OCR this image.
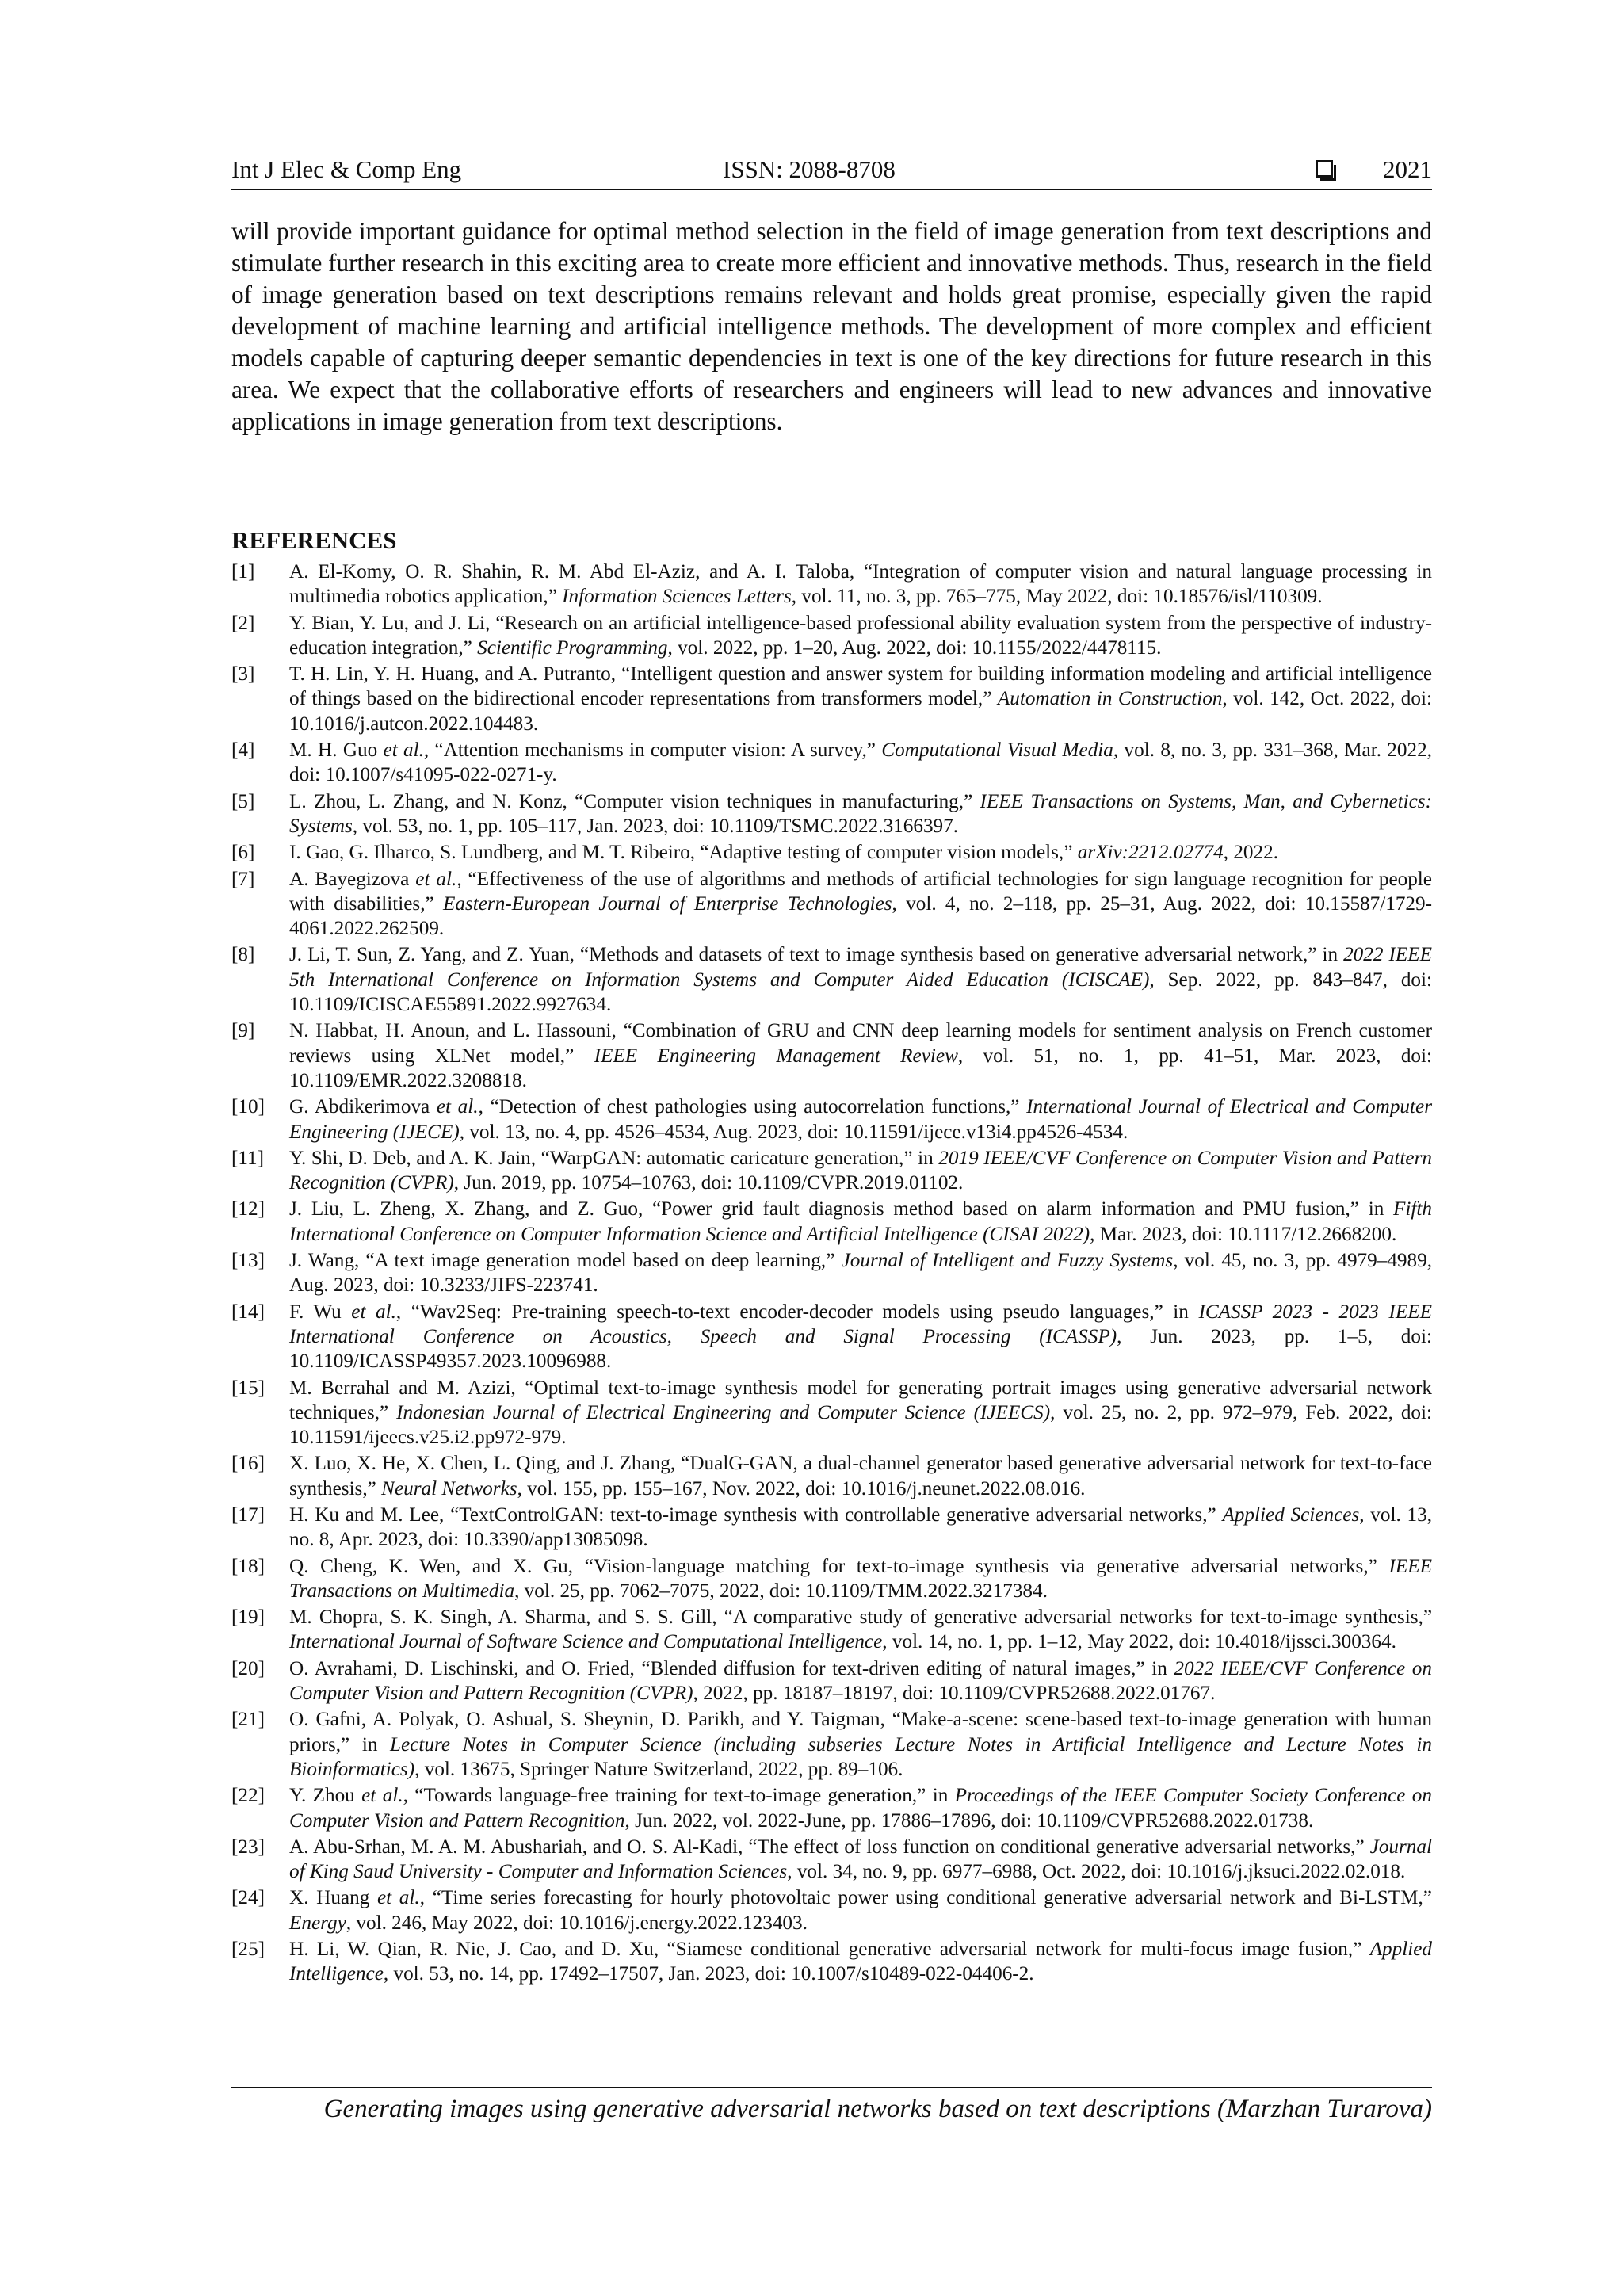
Int J Elec & Comp Eng	ISSN: 2088-8708	2021
will provide important guidance for optimal method selection in the field of image generation from text descriptions and stimulate further research in this exciting area to create more efficient and innovative methods. Thus, research in the field of image generation based on text descriptions remains relevant and holds great promise, especially given the rapid development of machine learning and artificial intelligence methods. The development of more complex and efficient models capable of capturing deeper semantic dependencies in text is one of the key directions for future research in this area. We expect that the collaborative efforts of researchers and engineers will lead to new advances and innovative applications in image generation from text descriptions.
REFERENCES
[1]	A. El-Komy, O. R. Shahin, R. M. Abd El-Aziz, and A. I. Taloba, “Integration of computer vision and natural language processing in multimedia robotics application,” Information Sciences Letters, vol. 11, no. 3, pp. 765–775, May 2022, doi: 10.18576/isl/110309.
[2]	Y. Bian, Y. Lu, and J. Li, “Research on an artificial intelligence-based professional ability evaluation system from the perspective of industry-education integration,” Scientific Programming, vol. 2022, pp. 1–20, Aug. 2022, doi: 10.1155/2022/4478115.
[3]	T. H. Lin, Y. H. Huang, and A. Putranto, “Intelligent question and answer system for building information modeling and artificial intelligence of things based on the bidirectional encoder representations from transformers model,” Automation in Construction, vol. 142, Oct. 2022, doi: 10.1016/j.autcon.2022.104483.
[4]	M. H. Guo et al., “Attention mechanisms in computer vision: A survey,” Computational Visual Media, vol. 8, no. 3, pp. 331–368, Mar. 2022, doi: 10.1007/s41095-022-0271-y.
[5]	L. Zhou, L. Zhang, and N. Konz, “Computer vision techniques in manufacturing,” IEEE Transactions on Systems, Man, and Cybernetics: Systems, vol. 53, no. 1, pp. 105–117, Jan. 2023, doi: 10.1109/TSMC.2022.3166397.
[6]	I. Gao, G. Ilharco, S. Lundberg, and M. T. Ribeiro, “Adaptive testing of computer vision models,” arXiv:2212.02774, 2022.
[7]	A. Bayegizova et al., “Effectiveness of the use of algorithms and methods of artificial technologies for sign language recognition for people with disabilities,” Eastern-European Journal of Enterprise Technologies, vol. 4, no. 2–118, pp. 25–31, Aug. 2022, doi: 10.15587/1729-4061.2022.262509.
[8]	J. Li, T. Sun, Z. Yang, and Z. Yuan, “Methods and datasets of text to image synthesis based on generative adversarial network,” in 2022 IEEE 5th International Conference on Information Systems and Computer Aided Education (ICISCAE), Sep. 2022, pp. 843–847, doi: 10.1109/ICISCAE55891.2022.9927634.
[9]	N. Habbat, H. Anoun, and L. Hassouni, “Combination of GRU and CNN deep learning models for sentiment analysis on French customer reviews using XLNet model,” IEEE Engineering Management Review, vol. 51, no. 1, pp. 41–51, Mar. 2023, doi: 10.1109/EMR.2022.3208818.
[10]	G. Abdikerimova et al., “Detection of chest pathologies using autocorrelation functions,” International Journal of Electrical and Computer Engineering (IJECE), vol. 13, no. 4, pp. 4526–4534, Aug. 2023, doi: 10.11591/ijece.v13i4.pp4526-4534.
[11]	Y. Shi, D. Deb, and A. K. Jain, “WarpGAN: automatic caricature generation,” in 2019 IEEE/CVF Conference on Computer Vision and Pattern Recognition (CVPR), Jun. 2019, pp. 10754–10763, doi: 10.1109/CVPR.2019.01102.
[12]	J. Liu, L. Zheng, X. Zhang, and Z. Guo, “Power grid fault diagnosis method based on alarm information and PMU fusion,” in Fifth International Conference on Computer Information Science and Artificial Intelligence (CISAI 2022), Mar. 2023, doi: 10.1117/12.2668200.
[13]	J. Wang, “A text image generation model based on deep learning,” Journal of Intelligent and Fuzzy Systems, vol. 45, no. 3, pp. 4979–4989, Aug. 2023, doi: 10.3233/JIFS-223741.
[14]	F. Wu et al., “Wav2Seq: Pre-training speech-to-text encoder-decoder models using pseudo languages,” in ICASSP 2023 - 2023 IEEE International Conference on Acoustics, Speech and Signal Processing (ICASSP), Jun. 2023, pp. 1–5, doi: 10.1109/ICASSP49357.2023.10096988.
[15]	M. Berrahal and M. Azizi, “Optimal text-to-image synthesis model for generating portrait images using generative adversarial network techniques,” Indonesian Journal of Electrical Engineering and Computer Science (IJEECS), vol. 25, no. 2, pp. 972–979, Feb. 2022, doi: 10.11591/ijeecs.v25.i2.pp972-979.
[16]	X. Luo, X. He, X. Chen, L. Qing, and J. Zhang, “DualG-GAN, a dual-channel generator based generative adversarial network for text-to-face synthesis,” Neural Networks, vol. 155, pp. 155–167, Nov. 2022, doi: 10.1016/j.neunet.2022.08.016.
[17]	H. Ku and M. Lee, “TextControlGAN: text-to-image synthesis with controllable generative adversarial networks,” Applied Sciences, vol. 13, no. 8, Apr. 2023, doi: 10.3390/app13085098.
[18]	Q. Cheng, K. Wen, and X. Gu, “Vision-language matching for text-to-image synthesis via generative adversarial networks,” IEEE Transactions on Multimedia, vol. 25, pp. 7062–7075, 2022, doi: 10.1109/TMM.2022.3217384.
[19]	M. Chopra, S. K. Singh, A. Sharma, and S. S. Gill, “A comparative study of generative adversarial networks for text-to-image synthesis,” International Journal of Software Science and Computational Intelligence, vol. 14, no. 1, pp. 1–12, May 2022, doi: 10.4018/ijssci.300364.
[20]	O. Avrahami, D. Lischinski, and O. Fried, “Blended diffusion for text-driven editing of natural images,” in 2022 IEEE/CVF Conference on Computer Vision and Pattern Recognition (CVPR), 2022, pp. 18187–18197, doi: 10.1109/CVPR52688.2022.01767.
[21]	O. Gafni, A. Polyak, O. Ashual, S. Sheynin, D. Parikh, and Y. Taigman, “Make-a-scene: scene-based text-to-image generation with human priors,” in Lecture Notes in Computer Science (including subseries Lecture Notes in Artificial Intelligence and Lecture Notes in Bioinformatics), vol. 13675, Springer Nature Switzerland, 2022, pp. 89–106.
[22]	Y. Zhou et al., “Towards language-free training for text-to-image generation,” in Proceedings of the IEEE Computer Society Conference on Computer Vision and Pattern Recognition, Jun. 2022, vol. 2022-June, pp. 17886–17896, doi: 10.1109/CVPR52688.2022.01738.
[23]	A. Abu-Srhan, M. A. M. Abushariah, and O. S. Al-Kadi, “The effect of loss function on conditional generative adversarial networks,” Journal of King Saud University - Computer and Information Sciences, vol. 34, no. 9, pp. 6977–6988, Oct. 2022, doi: 10.1016/j.jksuci.2022.02.018.
[24]	X. Huang et al., “Time series forecasting for hourly photovoltaic power using conditional generative adversarial network and Bi-LSTM,” Energy, vol. 246, May 2022, doi: 10.1016/j.energy.2022.123403.
[25]	H. Li, W. Qian, R. Nie, J. Cao, and D. Xu, “Siamese conditional generative adversarial network for multi-focus image fusion,” Applied Intelligence, vol. 53, no. 14, pp. 17492–17507, Jan. 2023, doi: 10.1007/s10489-022-04406-2.
Generating images using generative adversarial networks based on text descriptions (Marzhan Turarova)
